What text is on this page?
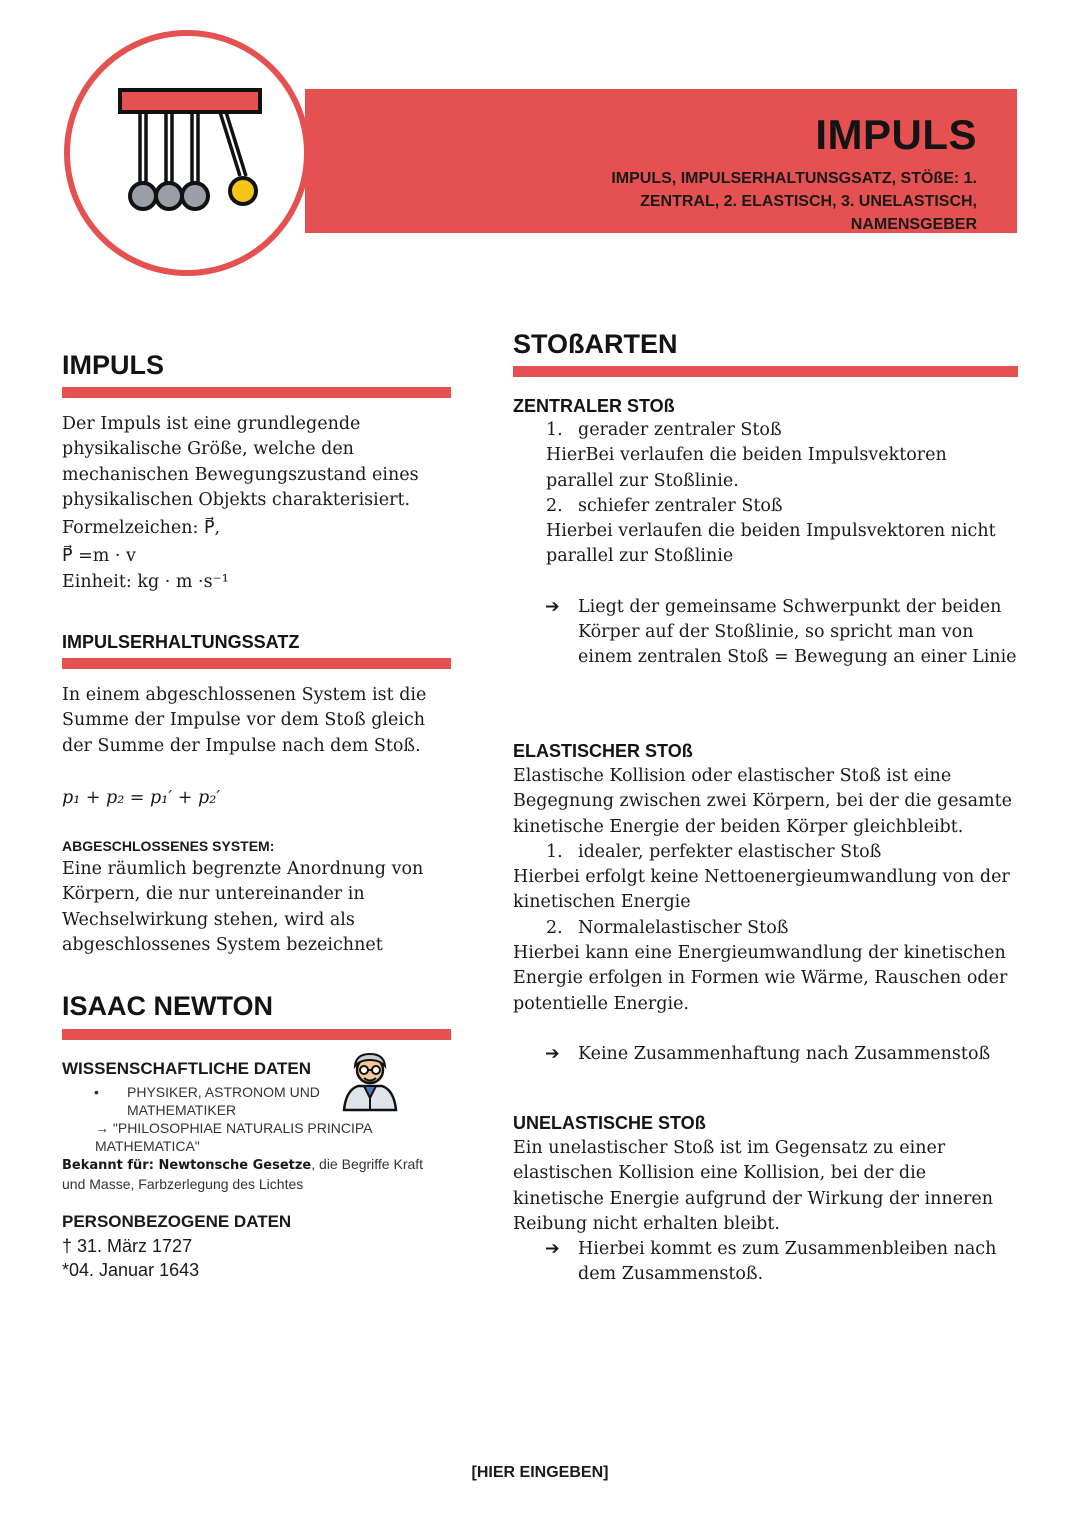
IMPULS
IMPULS, IMPULSERHALTUNSGSATZ, STÖßE: 1. ZENTRAL, 2. ELASTISCH, 3. UNELASTISCH, NAMENSGEBER
IMPULS

Der Impuls ist eine grundlegende physikalische Größe, welche den mechanischen Bewegungszustand eines physikalischen Objekts charakterisiert.

Formelzeichen: P⃗,

P⃗ =m · v

Einheit: kg · m ·s⁻¹

IMPULSERHALTUNGSSATZ
In einem abgeschlossenen System ist die Summe der Impulse vor dem Stoß gleich der Summe der Impulse nach dem Stoß.
p₁ + p₂ = p₁′ + p₂′
ABGESCHLOSSENES SYSTEM:
Eine räumlich begrenzte Anordnung von Körpern, die nur untereinander in Wechselwirkung stehen, wird als abgeschlossenes System bezeichnet
ISAAC NEWTON
WISSENSCHAFTLICHE DATEN
• PHYSIKER, ASTRONOM UND MATHEMATIKER
→ "PHILOSOPHIAE NATURALIS PRINCIPA MATHEMATICA"
Bekannt für: Newtonsche Gesetze, die Begriffe Kraft und Masse, Farbzerlegung des Lichtes
PERSONBEZOGENE DATEN
† 31. März 1727
*04. Januar 1643
STOßARTEN
ZENTRALER STOß

1. gerader zentraler Stoß

HierBei verlaufen die beiden Impulsvektoren parallel zur Stoßlinie.

2. schiefer zentraler Stoß

Hierbei verlaufen die beiden Impulsvektoren nicht parallel zur Stoßlinie

➔	Liegt der gemeinsame Schwerpunkt der beiden Körper auf der Stoßlinie, so spricht man von einem zentralen Stoß = Bewegung an einer Linie

ELASTISCHER STOß

Elastische Kollision oder elastischer Stoß ist eine Begegnung zwischen zwei Körpern, bei der die gesamte kinetische Energie der beiden Körper gleichbleibt.

1. idealer, perfekter elastischer Stoß

Hierbei erfolgt keine Nettoenergieumwandlung von der kinetischen Energie

2. Normalelastischer Stoß

Hierbei kann eine Energieumwandlung der kinetischen Energie erfolgen in Formen wie Wärme, Rauschen oder potentielle Energie.

➔	Keine Zusammenhaftung nach Zusammenstoß

UNELASTISCHE STOß

Ein unelastischer Stoß ist im Gegensatz zu einer elastischen Kollision eine Kollision, bei der die kinetische Energie aufgrund der Wirkung der inneren Reibung nicht erhalten bleibt.

➔	Hierbei kommt es zum Zusammenbleiben nach dem Zusammenstoß.

[HIER EINGEBEN]
